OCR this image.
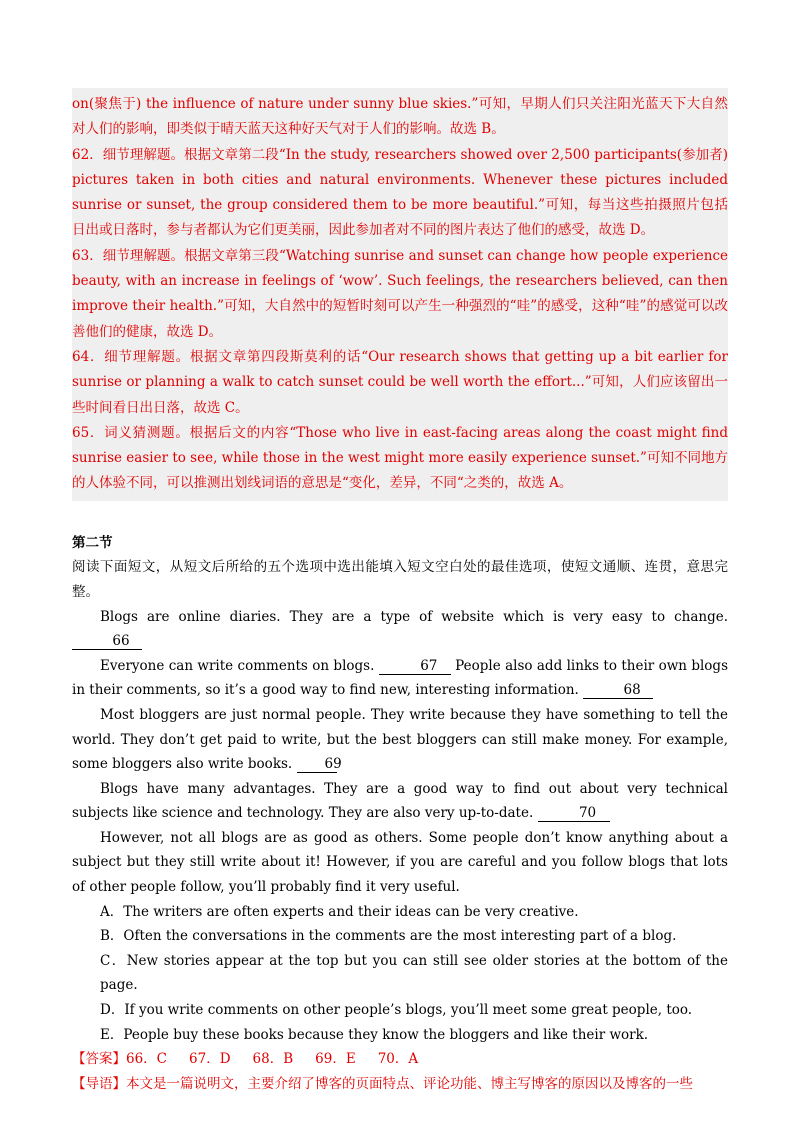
on(聚焦于) the influence of nature under sunny blue skies.”可知，早期人们只关注阳光蓝天下大自然对人们的影响，即类似于晴天蓝天这种好天气对于人们的影响。故选 B。

62．细节理解题。根据文章第二段“In the study, researchers showed over 2,500 participants(参加者) pictures taken in both cities and natural environments. Whenever these pictures included sunrise or sunset, the group considered them to be more beautiful.”可知，每当这些拍摄照片包括日出或日落时，参与者都认为它们更美丽，因此参加者对不同的图片表达了他们的感受，故选 D。

63．细节理解题。根据文章第三段“Watching sunrise and sunset can change how people experience beauty, with an increase in feelings of ‘wow’. Such feelings, the researchers believed, can then improve their health.”可知，大自然中的短暂时刻可以产生一种强烈的“哇”的感受，这种“哇”的感觉可以改善他们的健康，故选 D。

64．细节理解题。根据文章第四段斯莫利的话“Our research shows that getting up a bit earlier for sunrise or planning a walk to catch sunset could be well worth the effort...”可知，人们应该留出一些时间看日出日落，故选 C。

65．词义猜测题。根据后文的内容“Those who live in east-facing areas along the coast might find sunrise easier to see, while those in the west might more easily experience sunset.”可知不同地方的人体验不同，可以推测出划线词语的意思是“变化，差异，不同“之类的，故选 A。

第二节

阅读下面短文，从短文后所给的五个选项中选出能填入短文空白处的最佳选项，使短文通顺、连贯，意思完整。

Blogs are online diaries. They are a type of website which is very easy to change. 66

Everyone can write comments on blogs.	67 People also add links to their own blogs in their comments, so it’s a good way to find new, interesting information.	68

Most bloggers are just normal people. They write because they have something to tell the world. They don’t get paid to write, but the best bloggers can still make money. For example, some bloggers also write books. 69

Blogs have many advantages. They are a good way to find out about very technical subjects like science and technology. They are also very up-to-date.	70

However, not all blogs are as good as others. Some people don’t know anything about a subject but they still write about it! However, if you are careful and you follow blogs that lots of other people follow, you’ll probably find it very useful.

A．The writers are often experts and their ideas can be very creative.

B．Often the conversations in the comments are the most interesting part of a blog.

C．New stories appear at the top but you can still see older stories at the bottom of the page.

D．If you write comments on other people’s blogs, you’ll meet some great people, too.

E．People buy these books because they know the bloggers and like their work.

【答案】66．C 67．D 68．B 69．E 70．A

【导语】本文是一篇说明文，主要介绍了博客的页面特点、评论功能、博主写博客的原因以及博客的一些
